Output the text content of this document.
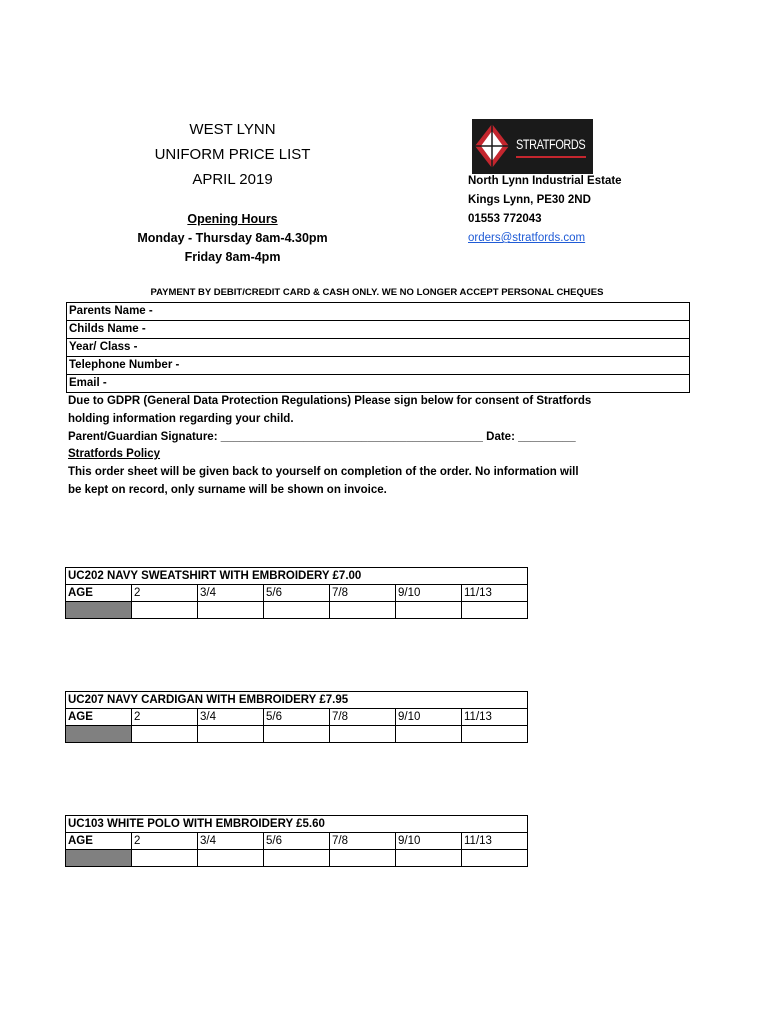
WEST LYNN
UNIFORM PRICE LIST
APRIL 2019
Opening Hours
Monday - Thursday 8am-4.30pm
Friday 8am-4pm
STRATFORDS
North Lynn Industrial Estate
Kings Lynn, PE30 2ND
01553 772043
orders@stratfords.com
PAYMENT BY DEBIT/CREDIT CARD & CASH ONLY. WE NO LONGER ACCEPT PERSONAL CHEQUES
Parents Name -
Childs Name -
Year/ Class -
Telephone Number -
Email -
Due to GDPR (General Data Protection Regulations) Please sign below for consent of Stratfords
holding information regarding your child.
Parent/Guardian Signature: _________________________________________ Date: _________
Stratfords Policy
This order sheet will be given back to yourself on completion of the order. No information will
be kept on record, only surname will be shown on invoice.
UC202 NAVY SWEATSHIRT WITH EMBROIDERY £7.00						
AGE	2	3/4	5/6	7/8	9/10	11/13

UC207 NAVY CARDIGAN WITH EMBROIDERY £7.95						
AGE	2	3/4	5/6	7/8	9/10	11/13

UC103 WHITE POLO WITH EMBROIDERY £5.60						
AGE	2	3/4	5/6	7/8	9/10	11/13
